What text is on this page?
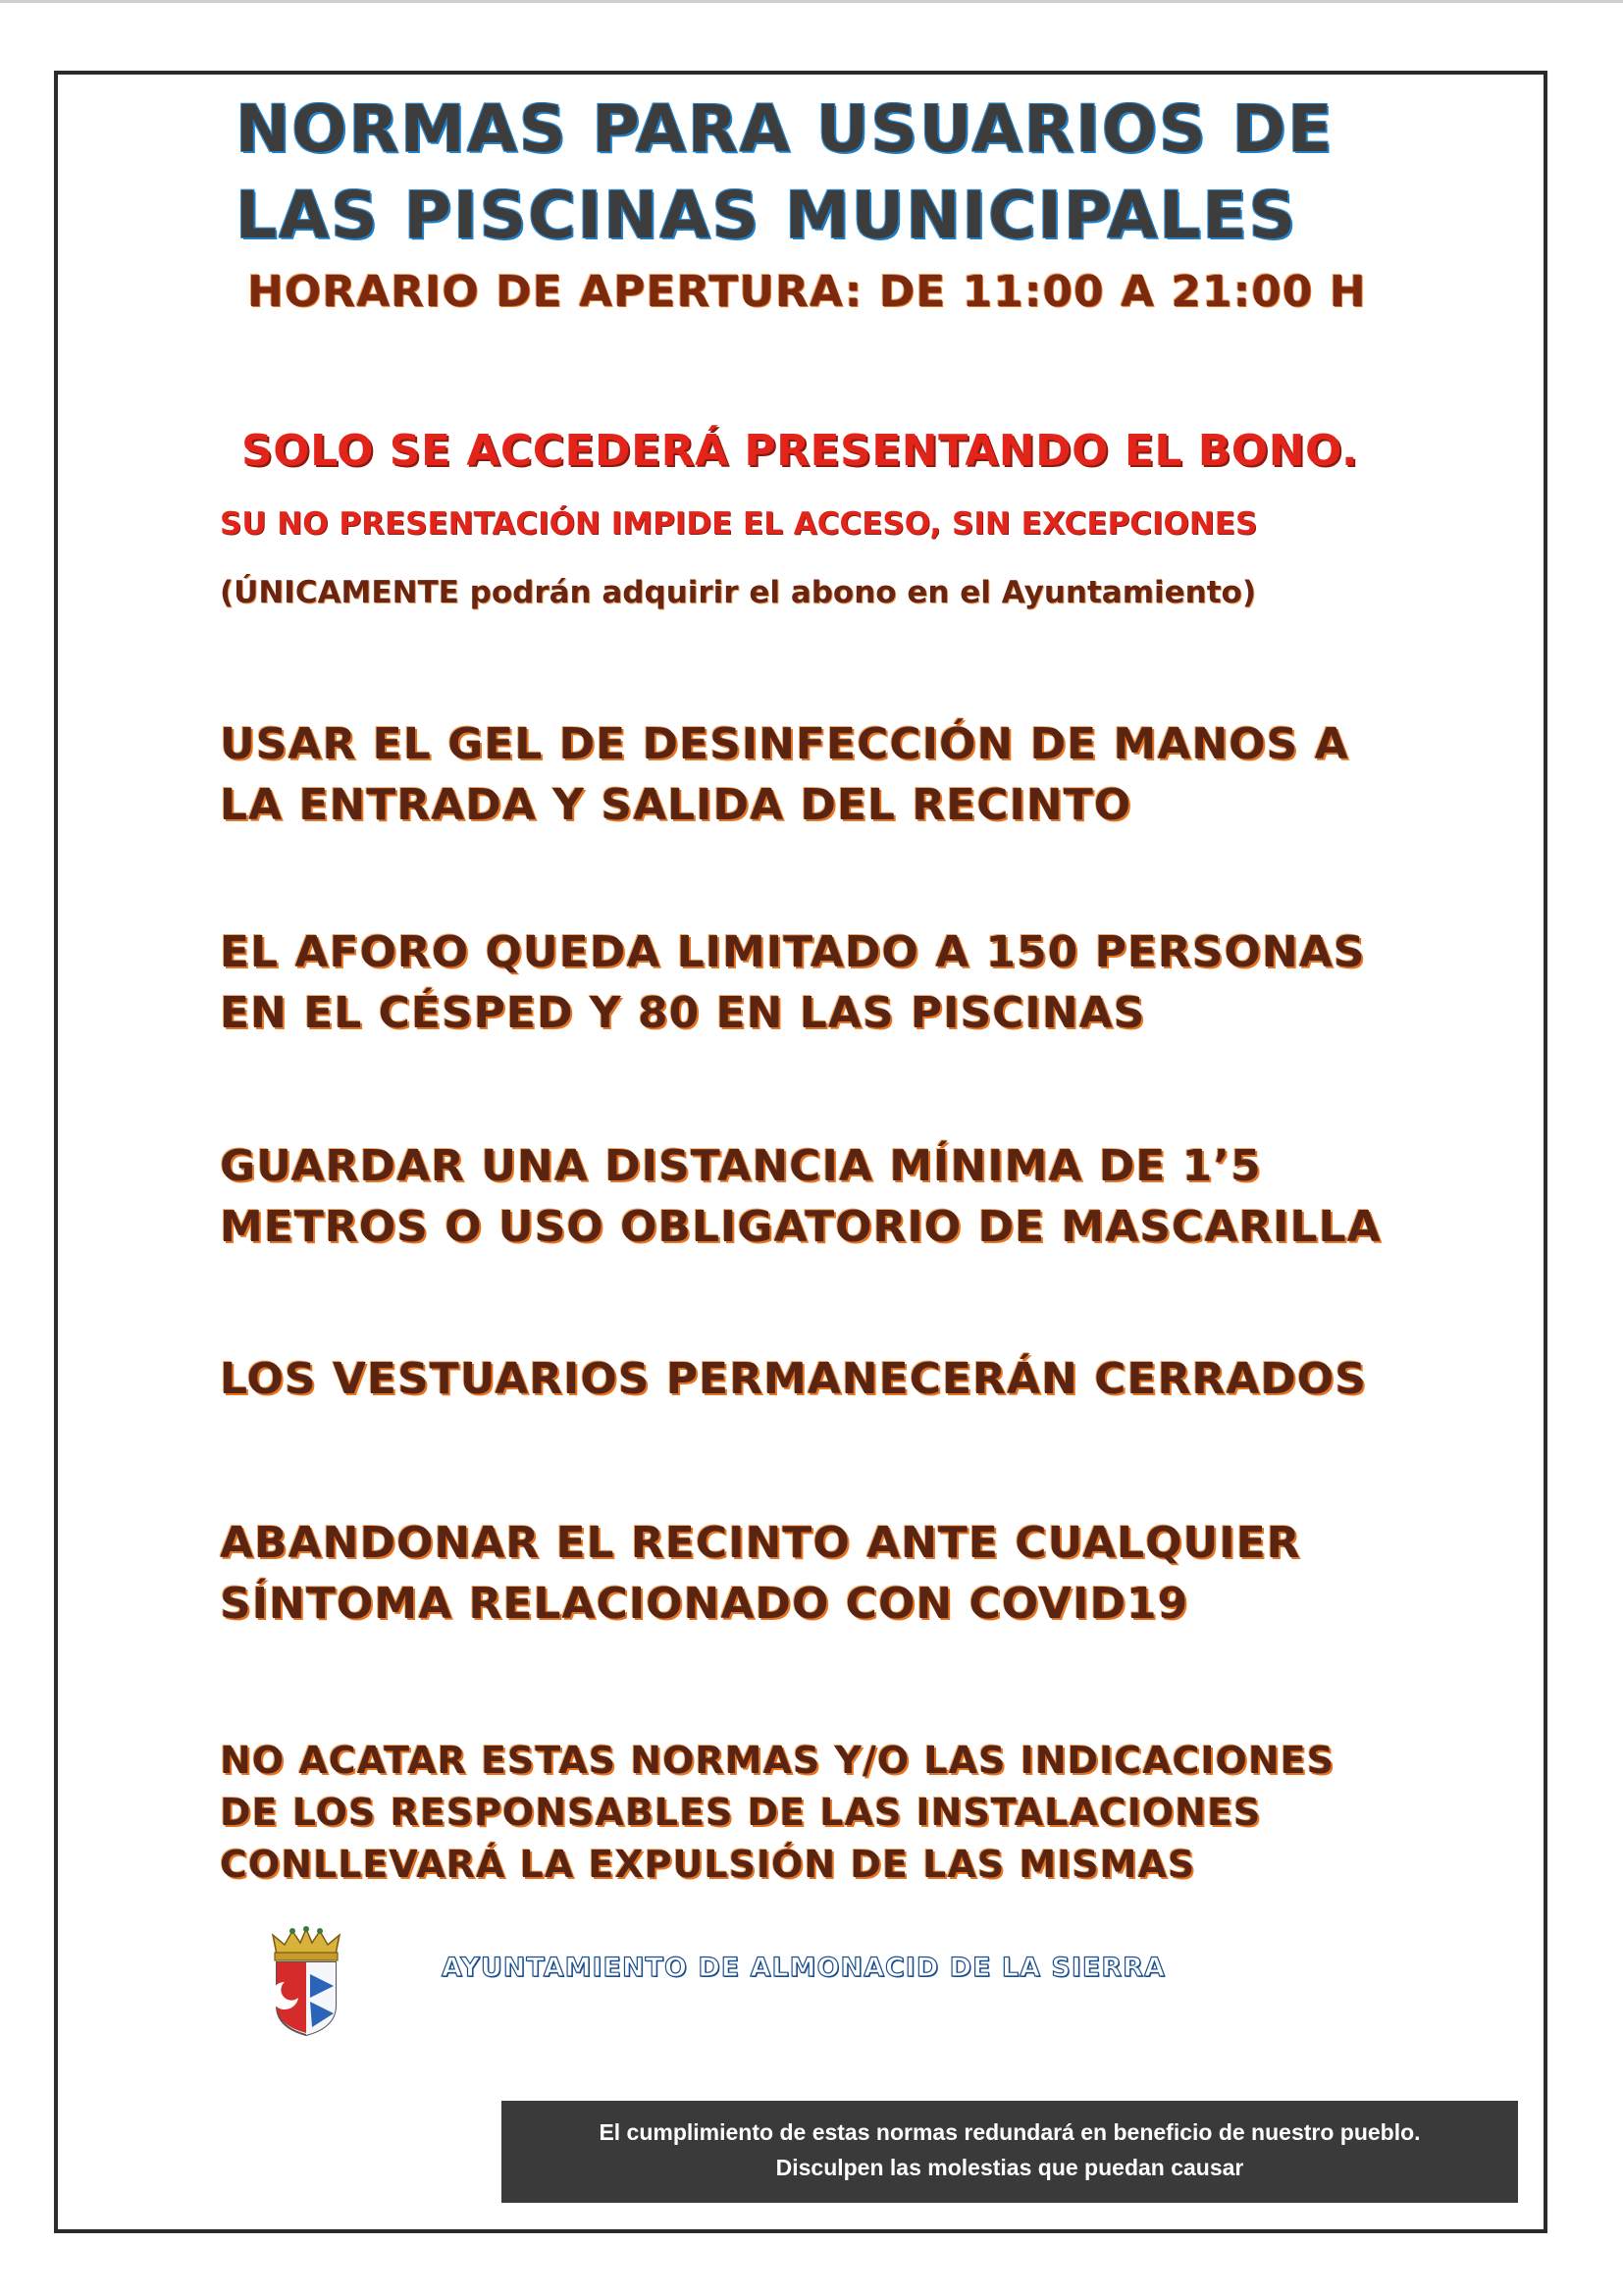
NORMAS PARA USUARIOS DE
LAS PISCINAS MUNICIPALES
HORARIO DE APERTURA: DE 11:00 A 21:00 H
SOLO SE ACCEDERÁ PRESENTANDO EL BONO.
SU NO PRESENTACIÓN IMPIDE EL ACCESO, SIN EXCEPCIONES
(ÚNICAMENTE podrán adquirir el abono en el Ayuntamiento)
USAR EL GEL DE DESINFECCIÓN DE MANOS A
LA ENTRADA Y SALIDA DEL RECINTO
EL AFORO QUEDA LIMITADO A 150 PERSONAS
EN EL CÉSPED Y 80 EN LAS PISCINAS
GUARDAR UNA DISTANCIA MÍNIMA DE 1’5
METROS O USO OBLIGATORIO DE MASCARILLA
LOS VESTUARIOS PERMANECERÁN CERRADOS
ABANDONAR EL RECINTO ANTE CUALQUIER
SÍNTOMA RELACIONADO CON COVID19
NO ACATAR ESTAS NORMAS Y/O LAS INDICACIONES
DE LOS RESPONSABLES DE LAS INSTALACIONES
CONLLEVARÁ LA EXPULSIÓN DE LAS MISMAS
AYUNTAMIENTO DE ALMONACID DE LA SIERRA
El cumplimiento de estas normas redundará en beneficio de nuestro pueblo.
Disculpen las molestias que puedan causar
